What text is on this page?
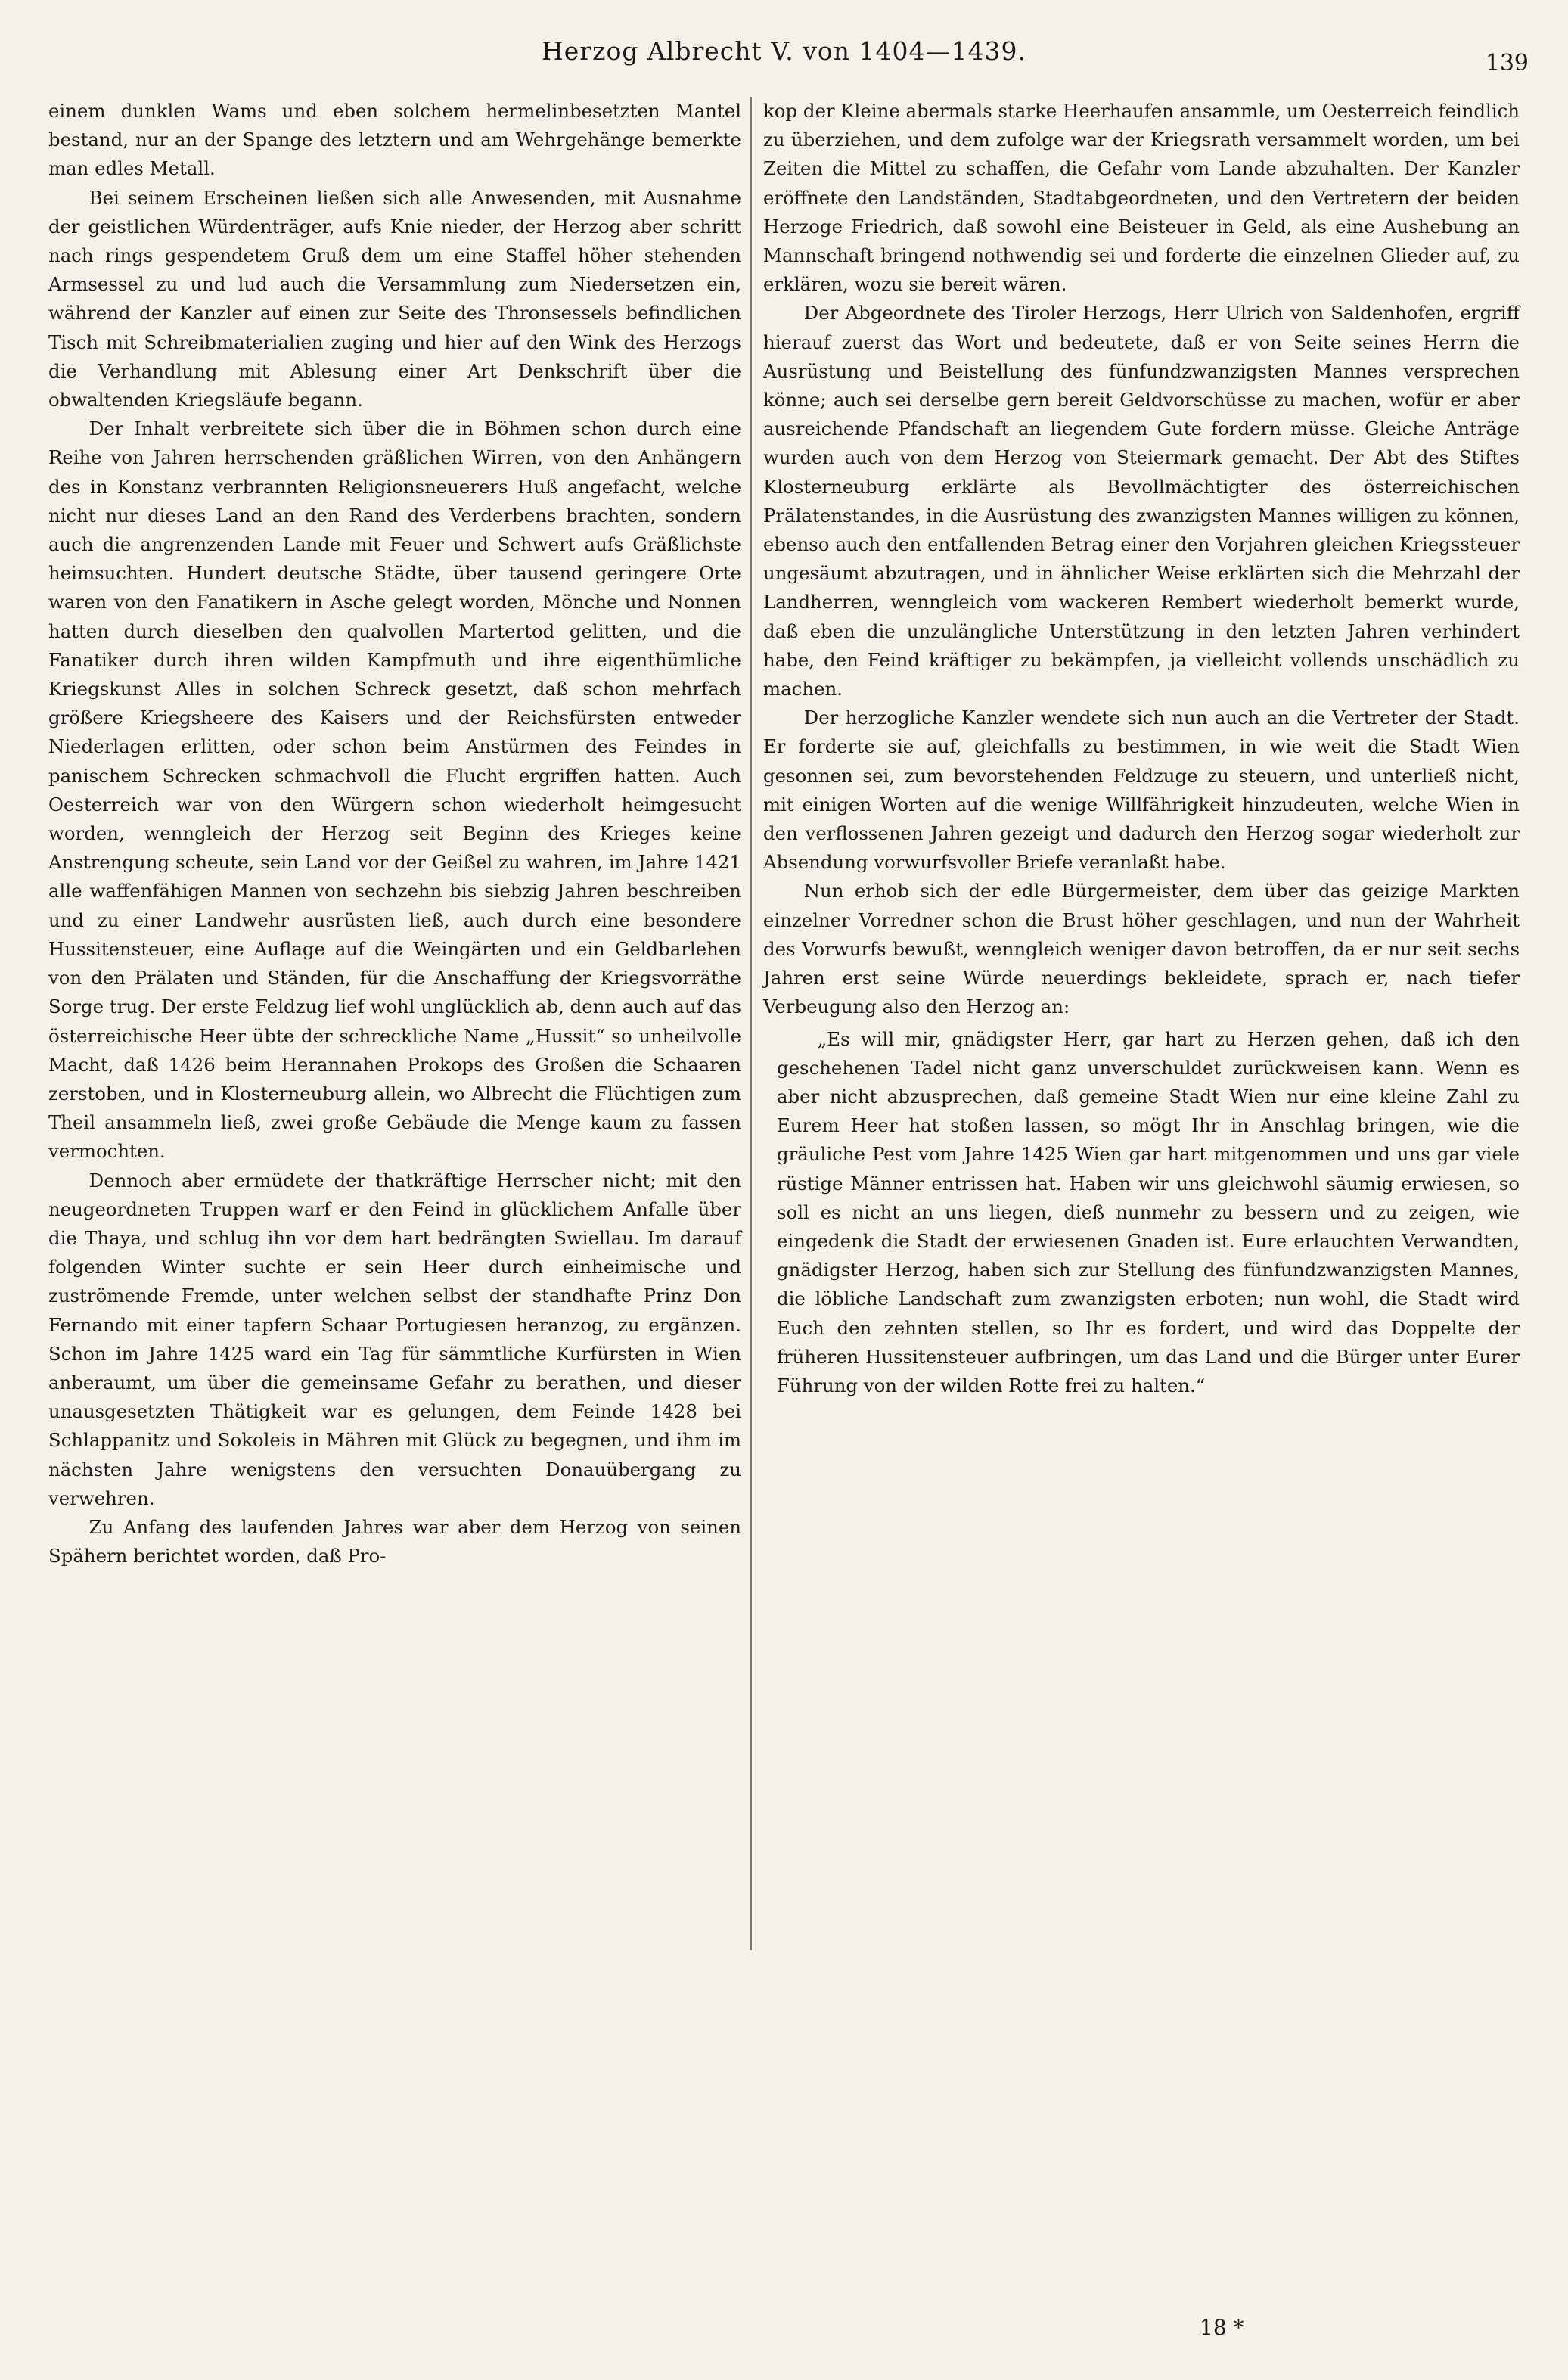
Herzog Albrecht V. von 1404—1439.	139

einem dunklen Wams und eben solchem hermelinbesetzten Mantel bestand, nur an der Spange des letztern und am Wehrgehänge bemerkte man edles Metall.

Bei seinem Erscheinen ließen sich alle Anwesenden, mit Ausnahme der geistlichen Würdenträger, aufs Knie nieder, der Herzog aber schritt nach rings gespendetem Gruß dem um eine Staffel höher stehenden Armsessel zu und lud auch die Versammlung zum Niedersetzen ein, während der Kanzler auf einen zur Seite des Thronsessels befindlichen Tisch mit Schreibmaterialien zuging und hier auf den Wink des Herzogs die Verhandlung mit Ablesung einer Art Denkschrift über die obwaltenden Kriegsläufe begann.

Der Inhalt verbreitete sich über die in Böhmen schon durch eine Reihe von Jahren herrschenden gräßlichen Wirren, von den Anhängern des in Konstanz verbrannten Religionsneuerers Huß angefacht, welche nicht nur dieses Land an den Rand des Verderbens brachten, sondern auch die angrenzenden Lande mit Feuer und Schwert aufs Gräßlichste heimsuchten. Hundert deutsche Städte, über tausend geringere Orte waren von den Fanatikern in Asche gelegt worden, Mönche und Nonnen hatten durch dieselben den qualvollen Martertod gelitten, und die Fanatiker durch ihren wilden Kampfmuth und ihre eigenthümliche Kriegskunst Alles in solchen Schreck gesetzt, daß schon mehrfach größere Kriegsheere des Kaisers und der Reichsfürsten entweder Niederlagen erlitten, oder schon beim Anstürmen des Feindes in panischem Schrecken schmachvoll die Flucht ergriffen hatten. Auch Oesterreich war von den Würgern schon wiederholt heimgesucht worden, wenngleich der Herzog seit Beginn des Krieges keine Anstrengung scheute, sein Land vor der Geißel zu wahren, im Jahre 1421 alle waffenfähigen Mannen von sechzehn bis siebzig Jahren beschreiben und zu einer Landwehr ausrüsten ließ, auch durch eine besondere Hussitensteuer, eine Auflage auf die Weingärten und ein Geldbarlehen von den Prälaten und Ständen, für die Anschaffung der Kriegsvorräthe Sorge trug. Der erste Feldzug lief wohl unglücklich ab, denn auch auf das österreichische Heer übte der schreckliche Name „Hussit“ so unheilvolle Macht, daß 1426 beim Herannahen Prokops des Großen die Schaaren zerstoben, und in Klosterneuburg allein, wo Albrecht die Flüchtigen zum Theil ansammeln ließ, zwei große Gebäude die Menge kaum zu fassen vermochten.

Dennoch aber ermüdete der thatkräftige Herrscher nicht; mit den neugeordneten Truppen warf er den Feind in glücklichem Anfalle über die Thaya, und schlug ihn vor dem hart bedrängten Swiellau. Im darauf folgenden Winter suchte er sein Heer durch einheimische und zuströmende Fremde, unter welchen selbst der standhafte Prinz Don Fernando mit einer tapfern Schaar Portugiesen heranzog, zu ergänzen. Schon im Jahre 1425 ward ein Tag für sämmtliche Kurfürsten in Wien anberaumt, um über die gemeinsame Gefahr zu berathen, und dieser unausgesetzten Thätigkeit war es gelungen, dem Feinde 1428 bei Schlappanitz und Sokoleis in Mähren mit Glück zu begegnen, und ihm im nächsten Jahre wenigstens den versuchten Donauübergang zu verwehren.

Zu Anfang des laufenden Jahres war aber dem Herzog von seinen Spähern berichtet worden, daß Pro-

kop der Kleine abermals starke Heerhaufen ansammle, um Oesterreich feindlich zu überziehen, und dem zufolge war der Kriegsrath versammelt worden, um bei Zeiten die Mittel zu schaffen, die Gefahr vom Lande abzuhalten. Der Kanzler eröffnete den Landständen, Stadtabgeordneten, und den Vertretern der beiden Herzoge Friedrich, daß sowohl eine Beisteuer in Geld, als eine Aushebung an Mannschaft bringend nothwendig sei und forderte die einzelnen Glieder auf, zu erklären, wozu sie bereit wären.

Der Abgeordnete des Tiroler Herzogs, Herr Ulrich von Saldenhofen, ergriff hierauf zuerst das Wort und bedeutete, daß er von Seite seines Herrn die Ausrüstung und Beistellung des fünfundzwanzigsten Mannes versprechen könne; auch sei derselbe gern bereit Geldvorschüsse zu machen, wofür er aber ausreichende Pfandschaft an liegendem Gute fordern müsse. Gleiche Anträge wurden auch von dem Herzog von Steiermark gemacht. Der Abt des Stiftes Klosterneuburg erklärte als Bevollmächtigter des österreichischen Prälatenstandes, in die Ausrüstung des zwanzigsten Mannes willigen zu können, ebenso auch den entfallenden Betrag einer den Vorjahren gleichen Kriegssteuer ungesäumt abzutragen, und in ähnlicher Weise erklärten sich die Mehrzahl der Landherren, wenngleich vom wackeren Rembert wiederholt bemerkt wurde, daß eben die unzulängliche Unterstützung in den letzten Jahren verhindert habe, den Feind kräftiger zu bekämpfen, ja vielleicht vollends unschädlich zu machen.

Der herzogliche Kanzler wendete sich nun auch an die Vertreter der Stadt. Er forderte sie auf, gleichfalls zu bestimmen, in wie weit die Stadt Wien gesonnen sei, zum bevorstehenden Feldzuge zu steuern, und unterließ nicht, mit einigen Worten auf die wenige Willfährigkeit hinzudeuten, welche Wien in den verflossenen Jahren gezeigt und dadurch den Herzog sogar wiederholt zur Absendung vorwurfsvoller Briefe veranlaßt habe.

Nun erhob sich der edle Bürgermeister, dem über das geizige Markten einzelner Vorredner schon die Brust höher geschlagen, und nun der Wahrheit des Vorwurfs bewußt, wenngleich weniger davon betroffen, da er nur seit sechs Jahren erst seine Würde neuerdings bekleidete, sprach er, nach tiefer Verbeugung also den Herzog an:

„Es will mir, gnädigster Herr, gar hart zu Herzen gehen, daß ich den geschehenen Tadel nicht ganz unverschuldet zurückweisen kann. Wenn es aber nicht abzusprechen, daß gemeine Stadt Wien nur eine kleine Zahl zu Eurem Heer hat stoßen lassen, so mögt Ihr in Anschlag bringen, wie die gräuliche Pest vom Jahre 1425 Wien gar hart mitgenommen und uns gar viele rüstige Männer entrissen hat. Haben wir uns gleichwohl säumig erwiesen, so soll es nicht an uns liegen, dieß nunmehr zu bessern und zu zeigen, wie eingedenk die Stadt der erwiesenen Gnaden ist. Eure erlauchten Verwandten, gnädigster Herzog, haben sich zur Stellung des fünfundzwanzigsten Mannes, die löbliche Landschaft zum zwanzigsten erboten; nun wohl, die Stadt wird Euch den zehnten stellen, so Ihr es fordert, und wird das Doppelte der früheren Hussitensteuer aufbringen, um das Land und die Bürger unter Eurer Führung von der wilden Rotte frei zu halten.“

18 *
